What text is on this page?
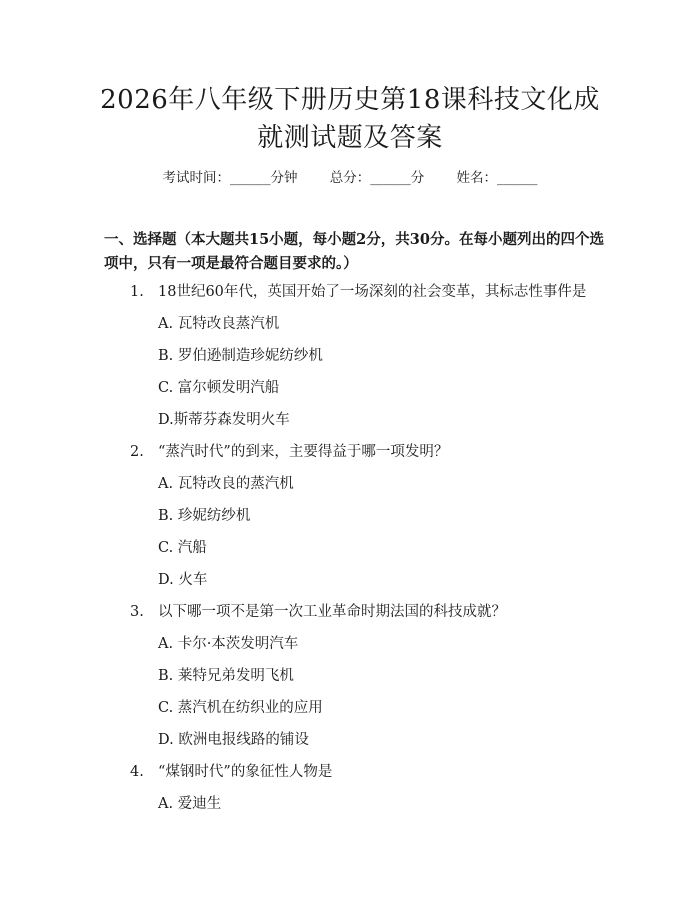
2026年八年级下册历史第18课科技文化成
就测试题及答案
考试时间：______分钟 总分：______分 姓名：______
一、选择题（本大题共15小题，每小题2分，共30分。在每小题列出的四个选
项中，只有一项是最符合题目要求的。）
1. 18世纪60年代，英国开始了一场深刻的社会变革，其标志性事件是
A. 瓦特改良蒸汽机
B. 罗伯逊制造珍妮纺纱机
C. 富尔顿发明汽船
D.斯蒂芬森发明火车
2. “蒸汽时代”的到来，主要得益于哪一项发明？
A. 瓦特改良的蒸汽机
B. 珍妮纺纱机
C. 汽船
D. 火车
3. 以下哪一项不是第一次工业革命时期法国的科技成就？
A. 卡尔·本茨发明汽车
B. 莱特兄弟发明飞机
C. 蒸汽机在纺织业的应用
D. 欧洲电报线路的铺设
4. “煤钢时代”的象征性人物是
A. 爱迪生
